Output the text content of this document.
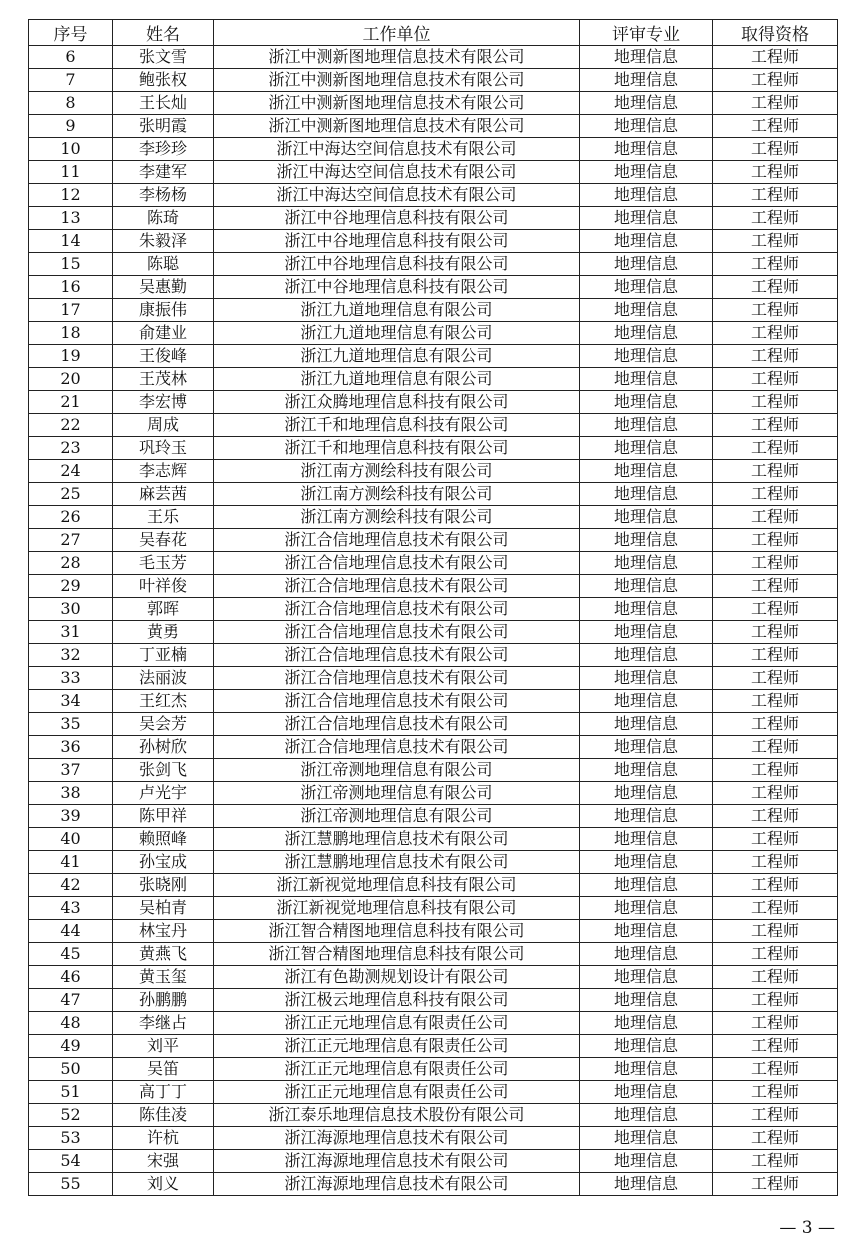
序号	姓名	工作单位	评审专业	取得资格
6	张文雪	浙江中测新图地理信息技术有限公司	地理信息	工程师
7	鲍张权	浙江中测新图地理信息技术有限公司	地理信息	工程师
8	王长灿	浙江中测新图地理信息技术有限公司	地理信息	工程师
9	张明霞	浙江中测新图地理信息技术有限公司	地理信息	工程师
10	李珍珍	浙江中海达空间信息技术有限公司	地理信息	工程师
11	李建军	浙江中海达空间信息技术有限公司	地理信息	工程师
12	李杨杨	浙江中海达空间信息技术有限公司	地理信息	工程师
13	陈琦	浙江中谷地理信息科技有限公司	地理信息	工程师
14	朱毅泽	浙江中谷地理信息科技有限公司	地理信息	工程师
15	陈聪	浙江中谷地理信息科技有限公司	地理信息	工程师
16	吴惠勤	浙江中谷地理信息科技有限公司	地理信息	工程师
17	康振伟	浙江九道地理信息有限公司	地理信息	工程师
18	俞建业	浙江九道地理信息有限公司	地理信息	工程师
19	王俊峰	浙江九道地理信息有限公司	地理信息	工程师
20	王茂林	浙江九道地理信息有限公司	地理信息	工程师
21	李宏博	浙江众腾地理信息科技有限公司	地理信息	工程师
22	周成	浙江千和地理信息科技有限公司	地理信息	工程师
23	巩玲玉	浙江千和地理信息科技有限公司	地理信息	工程师
24	李志辉	浙江南方测绘科技有限公司	地理信息	工程师
25	麻芸茜	浙江南方测绘科技有限公司	地理信息	工程师
26	王乐	浙江南方测绘科技有限公司	地理信息	工程师
27	吴春花	浙江合信地理信息技术有限公司	地理信息	工程师
28	毛玉芳	浙江合信地理信息技术有限公司	地理信息	工程师
29	叶祥俊	浙江合信地理信息技术有限公司	地理信息	工程师
30	郭晖	浙江合信地理信息技术有限公司	地理信息	工程师
31	黄勇	浙江合信地理信息技术有限公司	地理信息	工程师
32	丁亚楠	浙江合信地理信息技术有限公司	地理信息	工程师
33	法丽波	浙江合信地理信息技术有限公司	地理信息	工程师
34	王红杰	浙江合信地理信息技术有限公司	地理信息	工程师
35	吴会芳	浙江合信地理信息技术有限公司	地理信息	工程师
36	孙树欣	浙江合信地理信息技术有限公司	地理信息	工程师
37	张剑飞	浙江帝测地理信息有限公司	地理信息	工程师
38	卢光宇	浙江帝测地理信息有限公司	地理信息	工程师
39	陈甲祥	浙江帝测地理信息有限公司	地理信息	工程师
40	赖照峰	浙江慧鹏地理信息技术有限公司	地理信息	工程师
41	孙宝成	浙江慧鹏地理信息技术有限公司	地理信息	工程师
42	张晓刚	浙江新视觉地理信息科技有限公司	地理信息	工程师
43	吴柏青	浙江新视觉地理信息科技有限公司	地理信息	工程师
44	林宝丹	浙江智合精图地理信息科技有限公司	地理信息	工程师
45	黄燕飞	浙江智合精图地理信息科技有限公司	地理信息	工程师
46	黄玉玺	浙江有色勘测规划设计有限公司	地理信息	工程师
47	孙鹏鹏	浙江极云地理信息科技有限公司	地理信息	工程师
48	李继占	浙江正元地理信息有限责任公司	地理信息	工程师
49	刘平	浙江正元地理信息有限责任公司	地理信息	工程师
50	吴笛	浙江正元地理信息有限责任公司	地理信息	工程师
51	高丁丁	浙江正元地理信息有限责任公司	地理信息	工程师
52	陈佳凌	浙江泰乐地理信息技术股份有限公司	地理信息	工程师
53	许杭	浙江海源地理信息技术有限公司	地理信息	工程师
54	宋强	浙江海源地理信息技术有限公司	地理信息	工程师
55	刘义	浙江海源地理信息技术有限公司	地理信息	工程师
— 3 —
